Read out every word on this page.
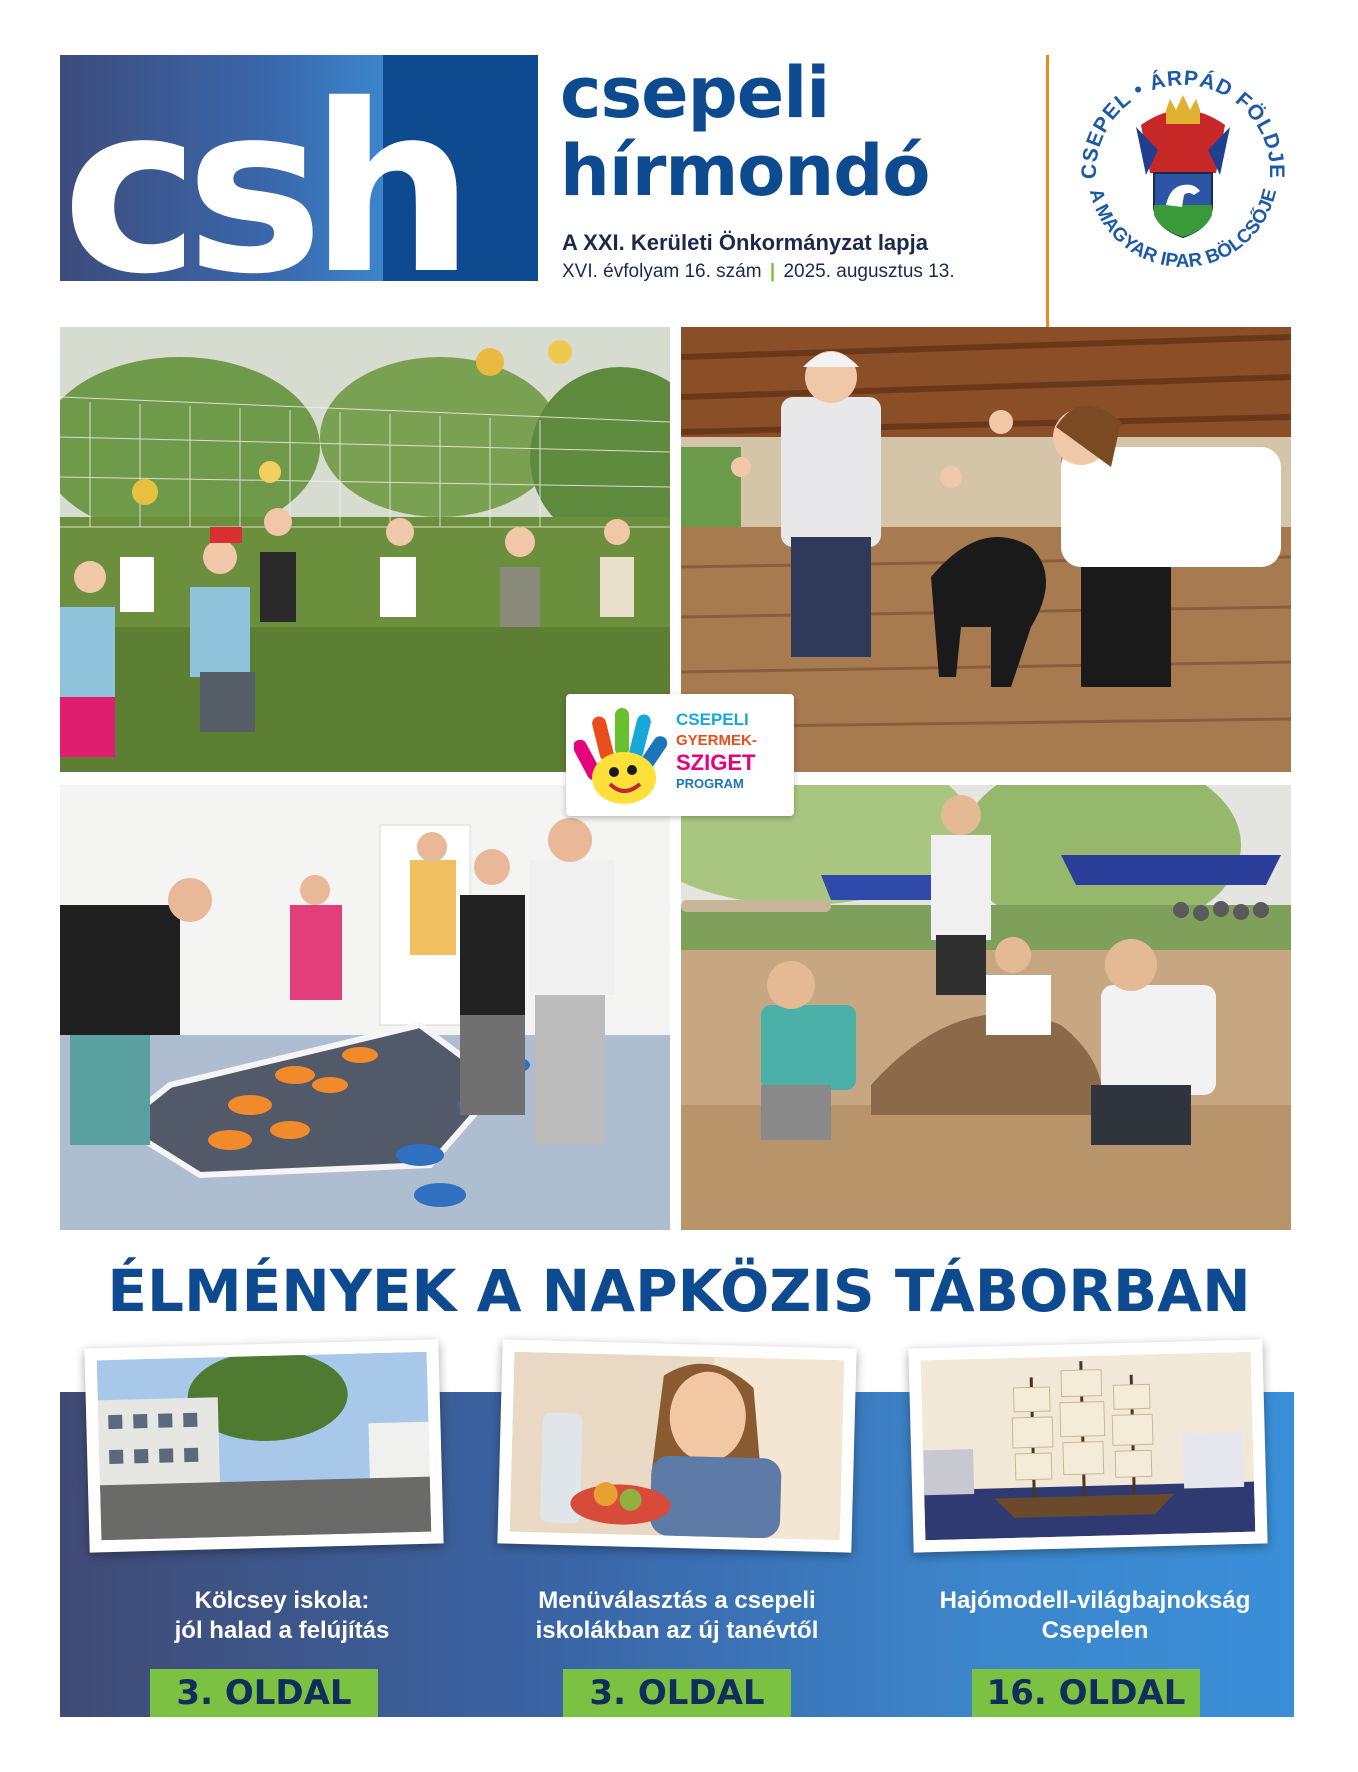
csh csepeli

hírmondó

A XXI. Kerületi Önkormányzat lapja

XVI. évfolyam 16. szám | 2025. augusztus 13.

CSEPEL • ÁRPÁD FÖLDJE
A MAGYAR IPAR BÖLCSŐJE

CSEPELI

GYERMEK-

SZIGET

PROGRAM

ÉLMÉNYEK A NAPKÖZIS TÁBORBAN

Kölcsey iskola:
jól halad a felújítás

Menüválasztás a csepeli
iskolákban az új tanévtől

Hajómodell-világbajnokság
Csepelen

3. OLDAL	3. OLDAL	16. OLDAL
